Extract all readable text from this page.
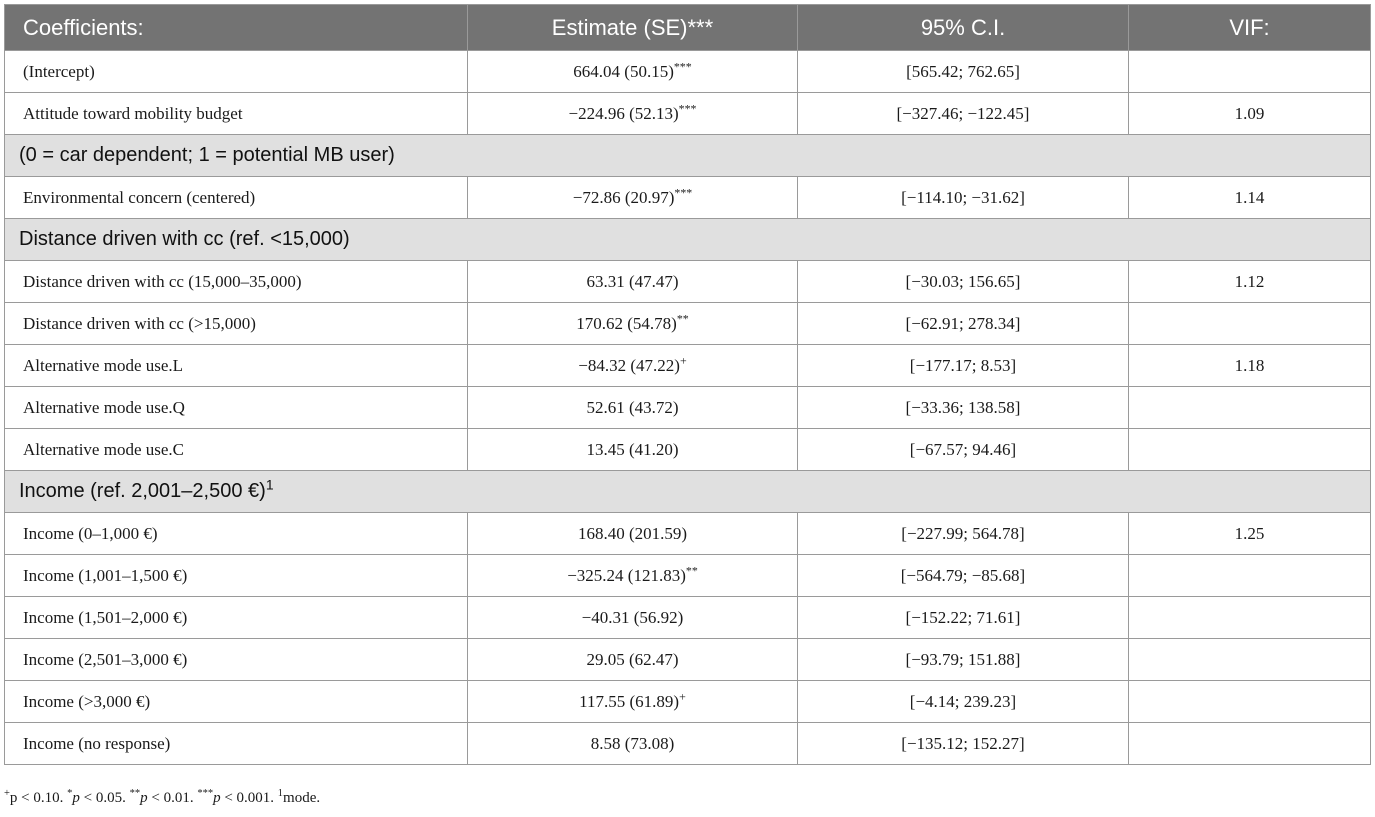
Coefficients:	Estimate (SE)***	95% C.I.	VIF:
(Intercept)	664.04 (50.15)***	[565.42; 762.65]	
Attitude toward mobility budget	−224.96 (52.13)***	[−327.46; −122.45]	1.09
(0 = car dependent; 1 = potential MB user)			
Environmental concern (centered)	−72.86 (20.97)***	[−114.10; −31.62]	1.14
Distance driven with cc (ref. <15,000)			
Distance driven with cc (15,000–35,000)	63.31 (47.47)	[−30.03; 156.65]	1.12
Distance driven with cc (>15,000)	170.62 (54.78)**	[−62.91; 278.34]	
Alternative mode use.L	−84.32 (47.22)+	[−177.17; 8.53]	1.18
Alternative mode use.Q	52.61 (43.72)	[−33.36; 138.58]	
Alternative mode use.C	13.45 (41.20)	[−67.57; 94.46]	
Income (ref. 2,001–2,500 €)$^1$
Income (0–1,000 €)	168.40 (201.59)	[−227.99; 564.78]	1.25
Income (1,001–1,500 €)	−325.24 (121.83)**	[−564.79; −85.68]	
Income (1,501–2,000 €)	−40.31 (56.92)	[−152.22; 71.61]	
Income (2,501–3,000 €)	29.05 (62.47)	[−93.79; 151.88]	
Income (>3,000 €)	117.55 (61.89)+	[−4.14; 239.23]	
Income (no response)	8.58 (73.08)	[−135.12; 152.27]	

+p < 0.10. *p < 0.05. **p < 0.01. ***p < 0.001. $^1$mode.
